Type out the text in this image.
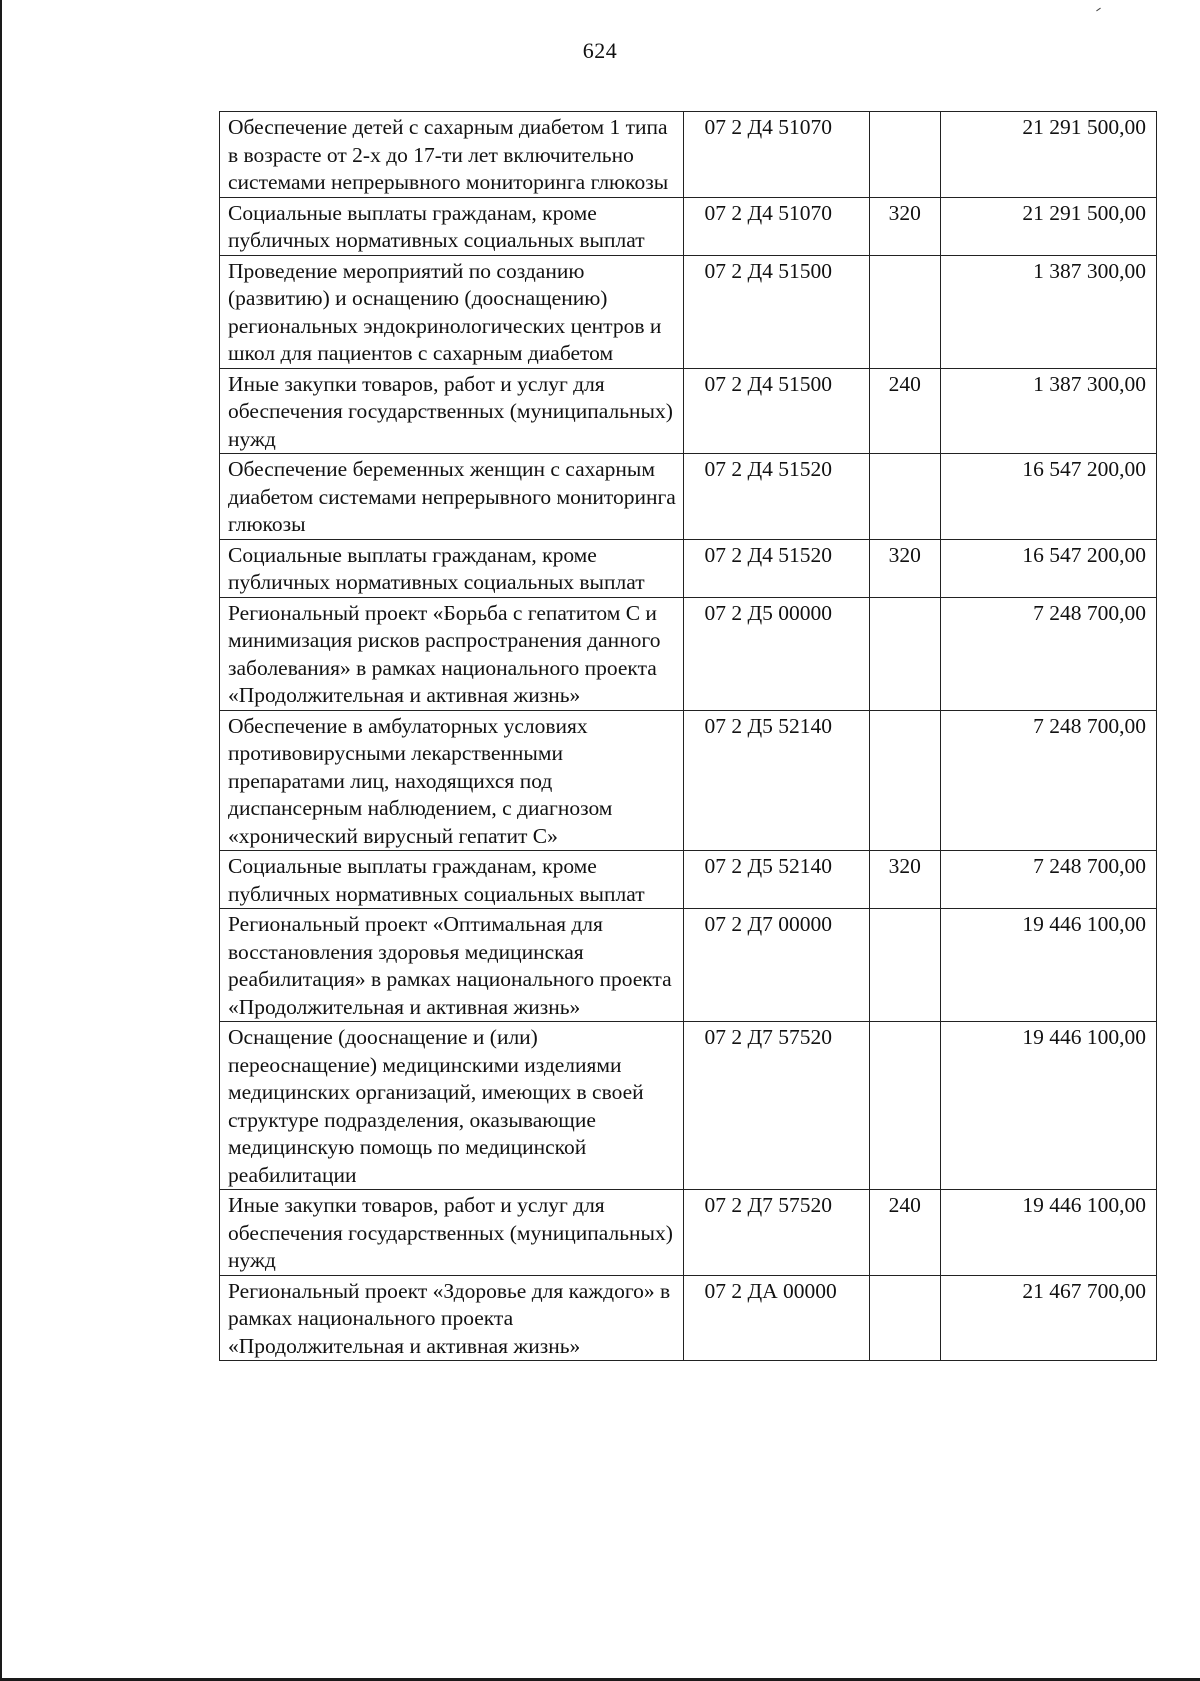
624
Обеспечение детей с сахарным диабетом 1 типа в возрасте от 2-х до 17-ти лет включительно системами непрерывного мониторинга глюкозы	07 2 Д4 51070		21 291 500,00
Социальные выплаты гражданам, кроме публичных нормативных социальных выплат	07 2 Д4 51070	320	21 291 500,00
Проведение мероприятий по созданию (развитию) и оснащению (дооснащению) региональных эндокринологических центров и школ для пациентов с сахарным диабетом	07 2 Д4 51500		1 387 300,00
Иные закупки товаров, работ и услуг для обеспечения государственных (муниципальных) нужд	07 2 Д4 51500	240	1 387 300,00
Обеспечение беременных женщин с сахарным диабетом системами непрерывного мониторинга глюкозы	07 2 Д4 51520		16 547 200,00
Социальные выплаты гражданам, кроме публичных нормативных социальных выплат	07 2 Д4 51520	320	16 547 200,00
Региональный проект «Борьба с гепатитом С и минимизация рисков распространения данного заболевания» в рамках национального проекта «Продолжительная и активная жизнь»	07 2 Д5 00000		7 248 700,00
Обеспечение в амбулаторных условиях противовирусными лекарственными препаратами лиц, находящихся под диспансерным наблюдением, с диагнозом «хронический вирусный гепатит С»	07 2 Д5 52140		7 248 700,00
Социальные выплаты гражданам, кроме публичных нормативных социальных выплат	07 2 Д5 52140	320	7 248 700,00
Региональный проект «Оптимальная для восстановления здоровья медицинская реабилитация» в рамках национального проекта «Продолжительная и активная жизнь»	07 2 Д7 00000		19 446 100,00
Оснащение (дооснащение и (или) переоснащение) медицинскими изделиями медицинских организаций, имеющих в своей структуре подразделения, оказывающие медицинскую помощь по медицинской реабилитации	07 2 Д7 57520		19 446 100,00
Иные закупки товаров, работ и услуг для обеспечения государственных (муниципальных) нужд	07 2 Д7 57520	240	19 446 100,00
Региональный проект «Здоровье для каждого» в рамках национального проекта «Продолжительная и активная жизнь»	07 2 ДА 00000		21 467 700,00
